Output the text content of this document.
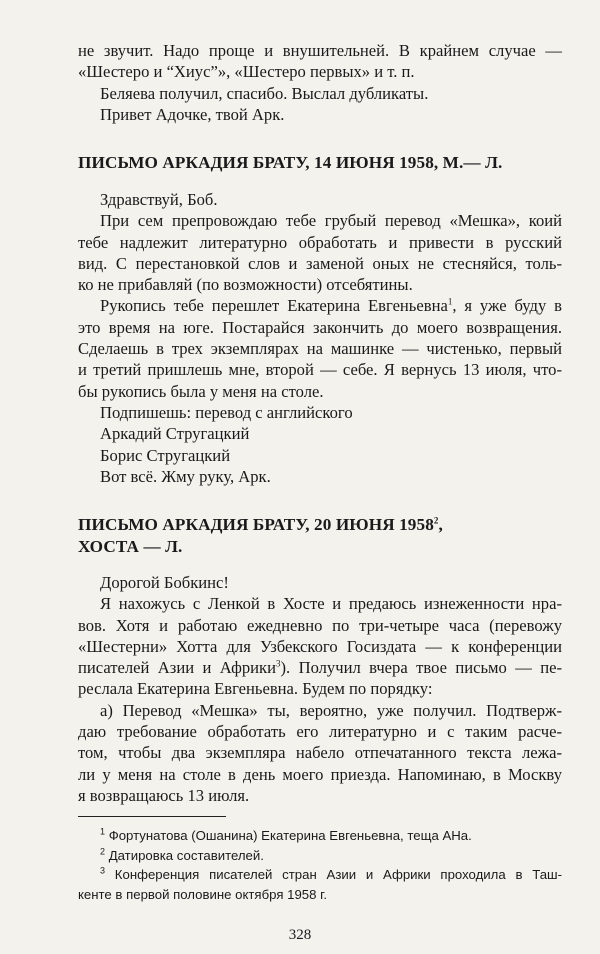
не звучит. Надо проще и внушительней. В крайнем случае —
«Шестеро и “Хиус”», «Шестеро первых» и т. п.
Беляева получил, спасибо. Выслал дубликаты.
Привет Адочке, твой Арк.
ПИСЬМО АРКАДИЯ БРАТУ, 14 ИЮНЯ 1958, М.— Л.
Здравствуй, Боб.
При сем препровождаю тебе грубый перевод «Мешка», коий
тебе надлежит литературно обработать и привести в русский
вид. С перестановкой слов и заменой оных не стесняйся, толь-
ко не прибавляй (по возможности) отсебятины.
Рукопись тебе перешлет Екатерина Евгеньевна$^1$, я уже буду в
это время на юге. Постарайся закончить до моего возвращения.
Сделаешь в трех экземплярах на машинке — чистенько, первый
и третий пришлешь мне, второй — себе. Я вернусь 13 июля, что-
бы рукопись была у меня на столе.
Подпишешь: перевод с английского
Аркадий Стругацкий
Борис Стругацкий
Вот всё. Жму руку, Арк.
ПИСЬМО АРКАДИЯ БРАТУ, 20 ИЮНЯ 1958$^2$,
ХОСТА — Л.
Дорогой Бобкинс!
Я нахожусь с Ленкой в Хосте и предаюсь изнеженности нра-
вов. Хотя и работаю ежедневно по три-четыре часа (перевожу
«Шестерни» Хотта для Узбекского Госиздата — к конференции
писателей Азии и Африки$^3$). Получил вчера твое письмо — пе-
реслала Екатерина Евгеньевна. Будем по порядку:
а) Перевод «Мешка» ты, вероятно, уже получил. Подтверж-
даю требование обработать его литературно и с таким расче-
том, чтобы два экземпляра набело отпечатанного текста лежа-
ли у меня на столе в день моего приезда. Напоминаю, в Москву
я возвращаюсь 13 июля.
$^1$ Фортунатова (Ошанина) Екатерина Евгеньевна, теща АНа.
$^2$ Датировка составителей.
$^3$ Конференция писателей стран Азии и Африки проходила в Таш-
кенте в первой половине октября 1958 г.
328
